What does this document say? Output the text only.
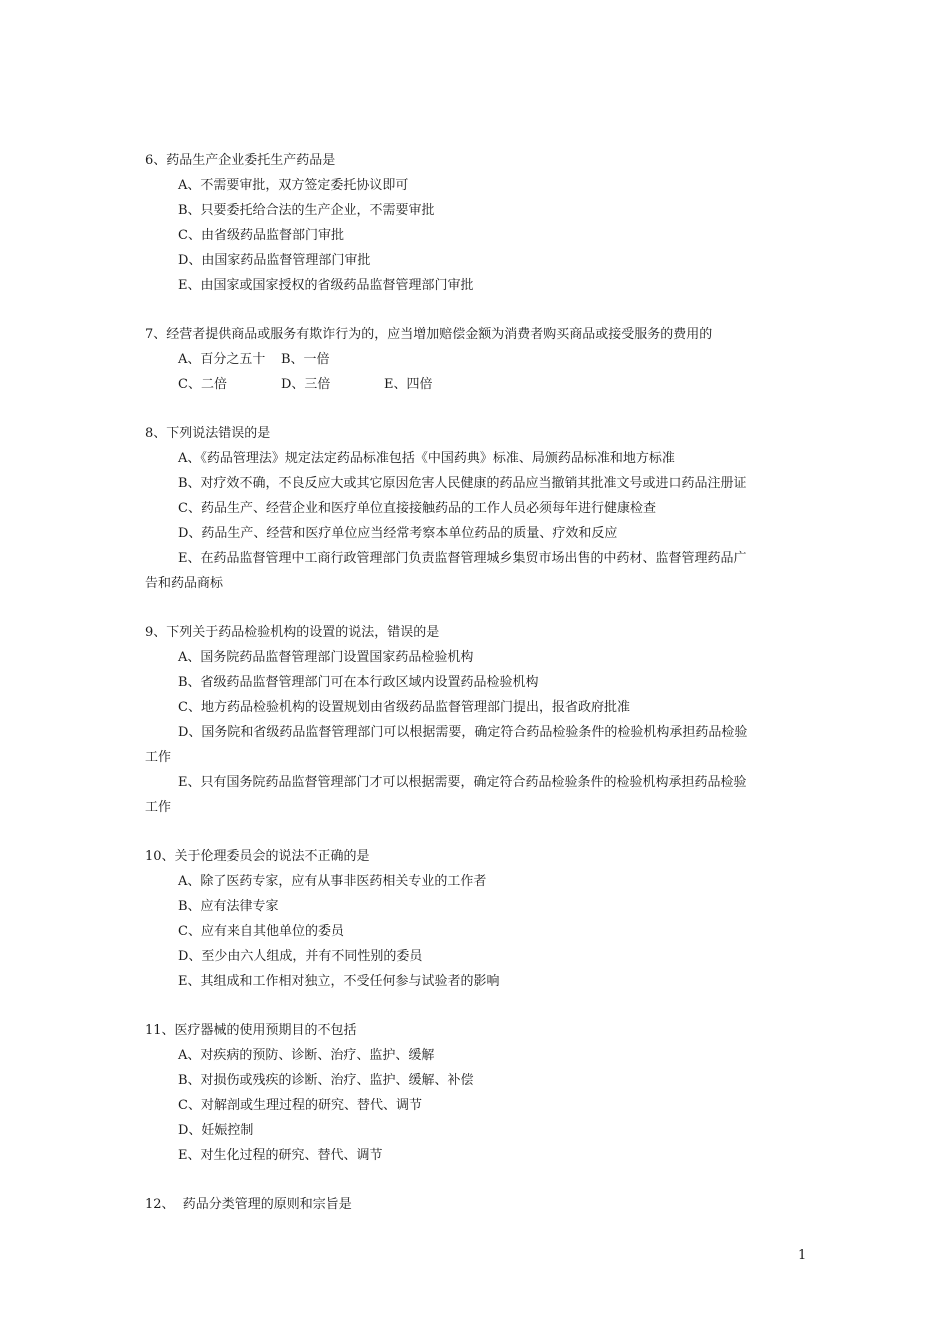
6、药品生产企业委托生产药品是
A、不需要审批，双方签定委托协议即可
B、只要委托给合法的生产企业，不需要审批
C、由省级药品监督部门审批
D、由国家药品监督管理部门审批
E、由国家或国家授权的省级药品监督管理部门审批
7、经营者提供商品或服务有欺诈行为的，应当增加赔偿金额为消费者购买商品或接受服务的费用的
A、百分之五十 B、一倍
C、二倍	D、三倍	E、四倍
8、下列说法错误的是
A、《药品管理法》规定法定药品标准包括《中国药典》标准、局颁药品标准和地方标准
B、对疗效不确，不良反应大或其它原因危害人民健康的药品应当撤销其批准文号或进口药品注册证
C、药品生产、经营企业和医疗单位直接接触药品的工作人员必须每年进行健康检查
D、药品生产、经营和医疗单位应当经常考察本单位药品的质量、疗效和反应
E、在药品监督管理中工商行政管理部门负责监督管理城乡集贸市场出售的中药材、监督管理药品广
告和药品商标
9、下列关于药品检验机构的设置的说法，错误的是
A、国务院药品监督管理部门设置国家药品检验机构
B、省级药品监督管理部门可在本行政区域内设置药品检验机构
C、地方药品检验机构的设置规划由省级药品监督管理部门提出，报省政府批准
D、国务院和省级药品监督管理部门可以根据需要，确定符合药品检验条件的检验机构承担药品检验
工作
E、只有国务院药品监督管理部门才可以根据需要，确定符合药品检验条件的检验机构承担药品检验
工作
10、关于伦理委员会的说法不正确的是
A、除了医药专家，应有从事非医药相关专业的工作者
B、应有法律专家
C、应有来自其他单位的委员
D、至少由六人组成，并有不同性别的委员
E、其组成和工作相对独立，不受任何参与试验者的影响
11、医疗器械的使用预期目的不包括
A、对疾病的预防、诊断、治疗、监护、缓解
B、对损伤或残疾的诊断、治疗、监护、缓解、补偿
C、对解剖或生理过程的研究、替代、调节
D、妊娠控制
E、对生化过程的研究、替代、调节
12、  药品分类管理的原则和宗旨是
1
